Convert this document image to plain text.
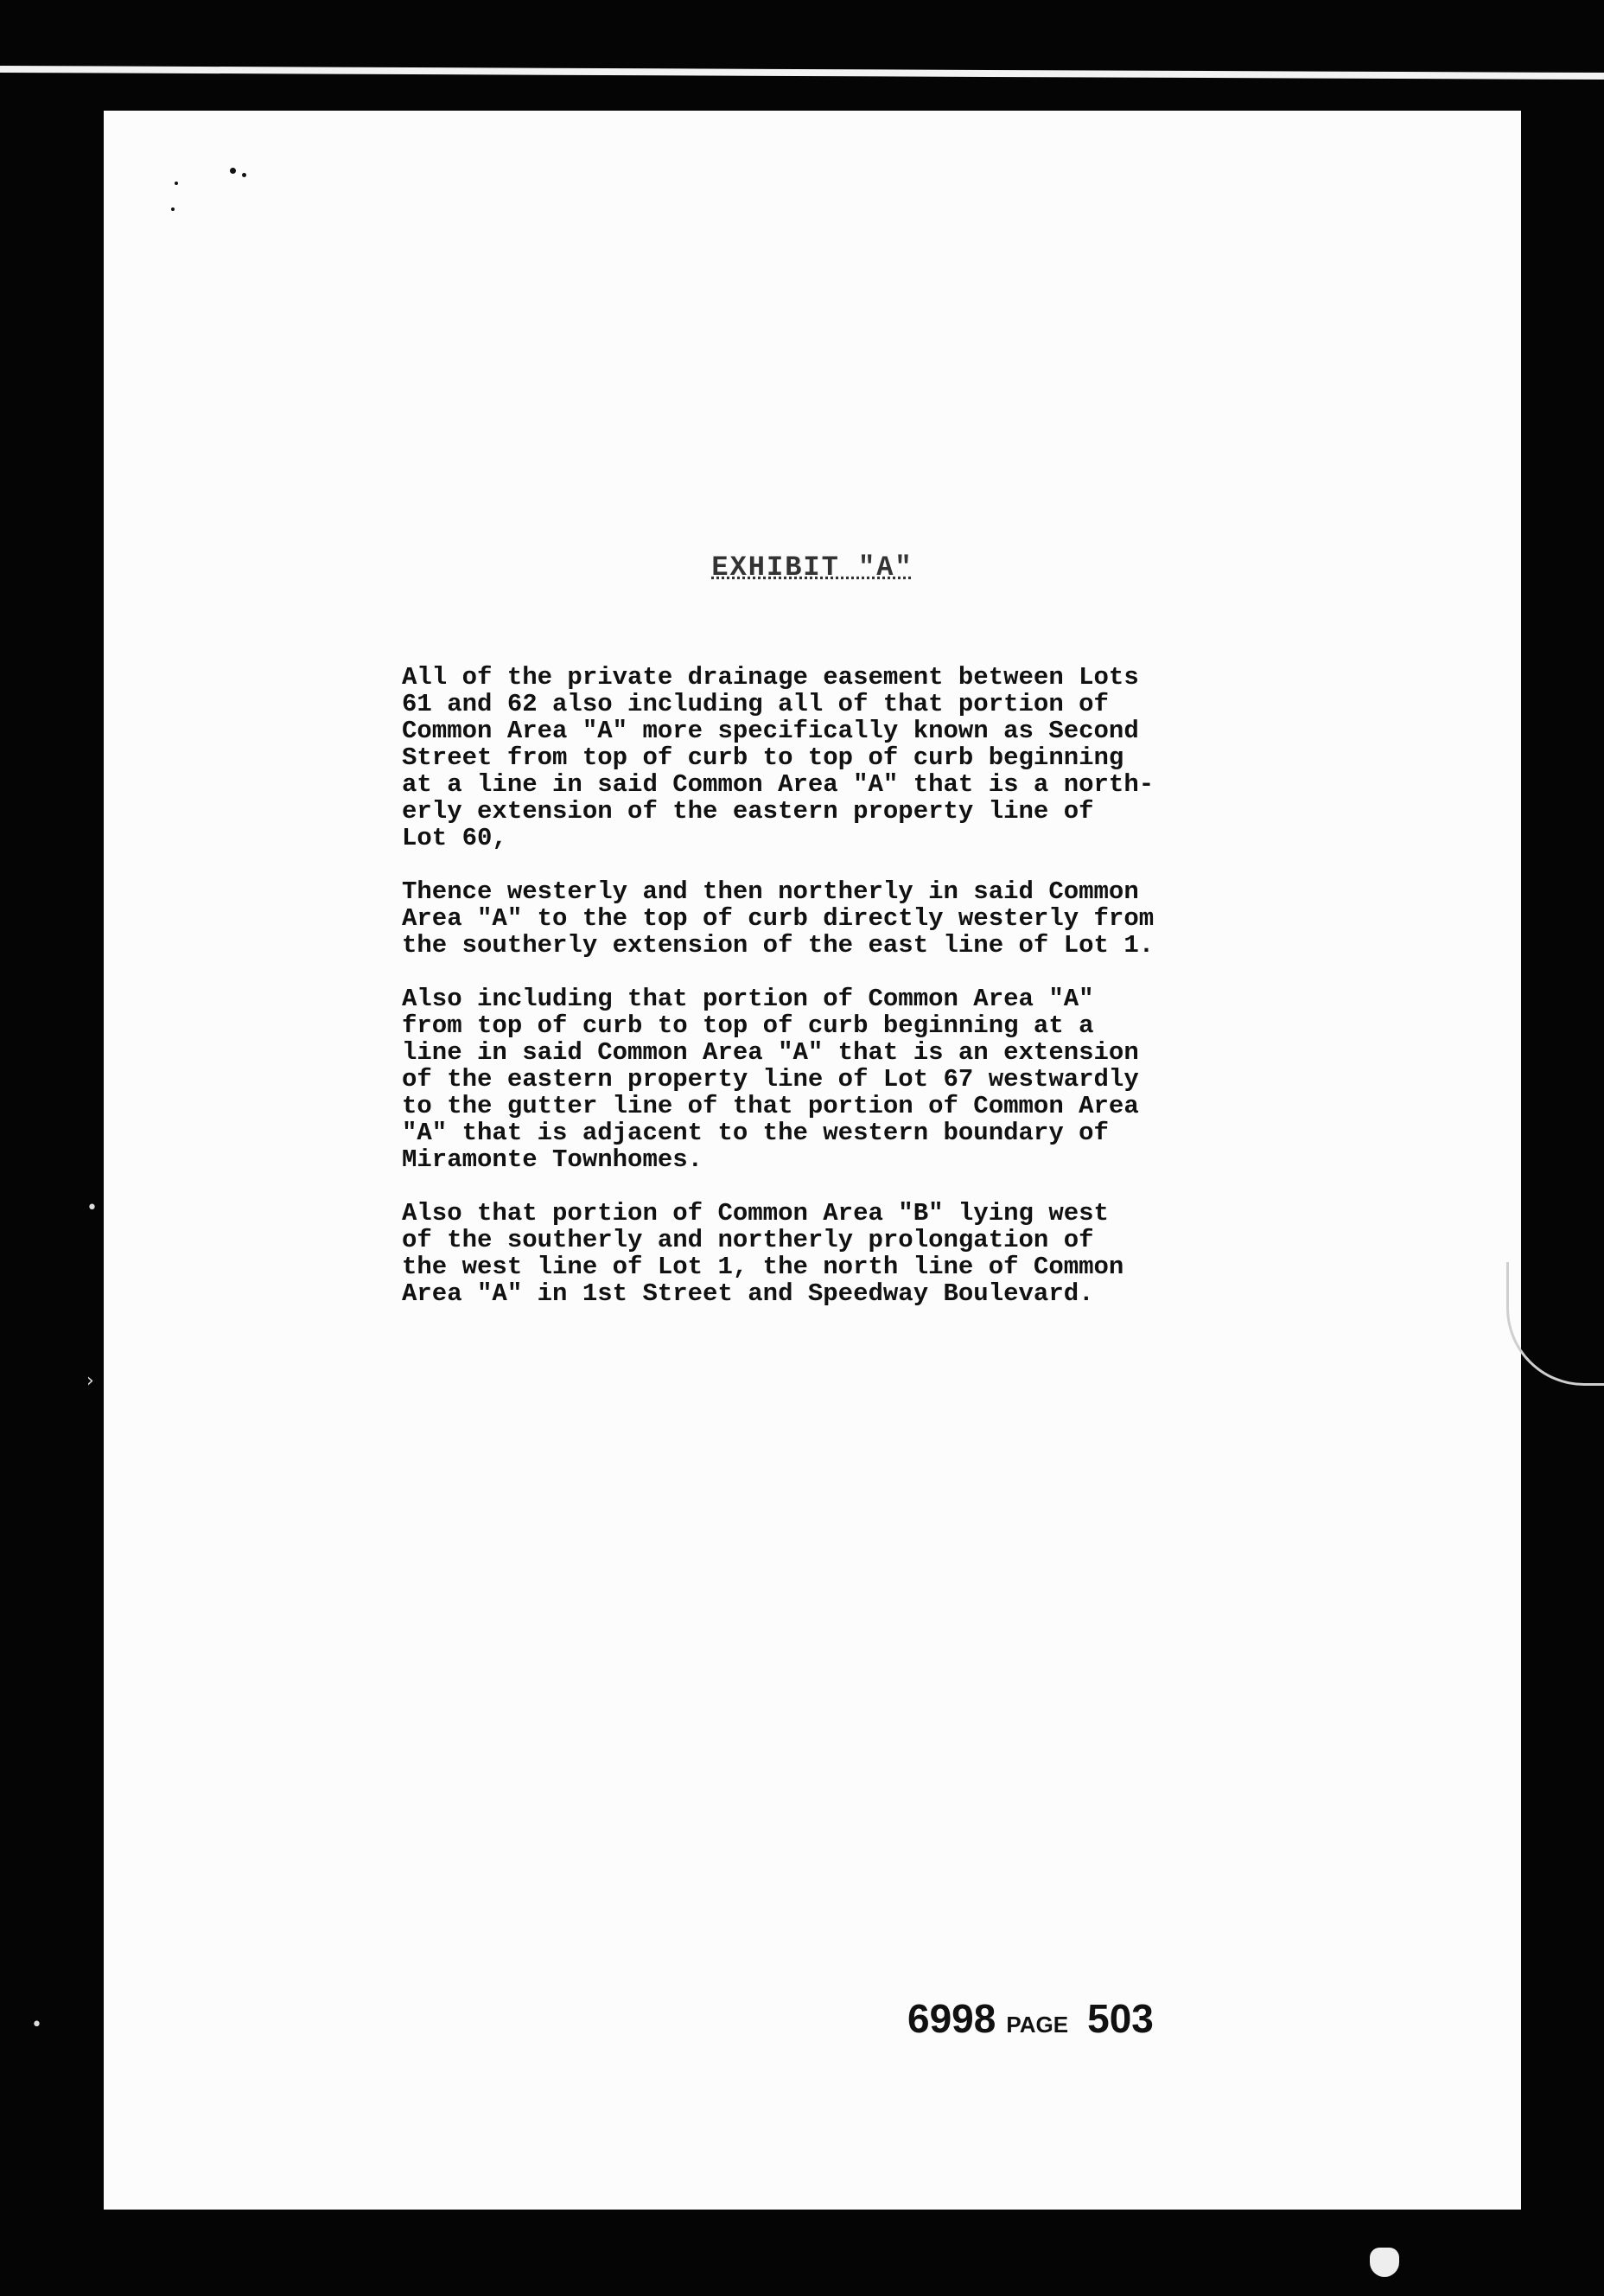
EXHIBIT "A"

All of the private drainage easement between Lots
61 and 62 also including all of that portion of
Common Area "A" more specifically known as Second
Street from top of curb to top of curb beginning
at a line in said Common Area "A" that is a north-
erly extension of the eastern property line of
Lot 60,

Thence westerly and then northerly in said Common
Area "A" to the top of curb directly westerly from
the southerly extension of the east line of Lot 1.

Also including that portion of Common Area "A"
from top of curb to top of curb beginning at a
line in said Common Area "A" that is an extension
of the eastern property line of Lot 67 westwardly
to the gutter line of that portion of Common Area
"A" that is adjacent to the western boundary of
Miramonte Townhomes.

Also that portion of Common Area "B" lying west
of the southerly and northerly prolongation of
the west line of Lot 1, the north line of Common
Area "A" in 1st Street and Speedway Boulevard.

6998 PAGE 503
›
•
•
